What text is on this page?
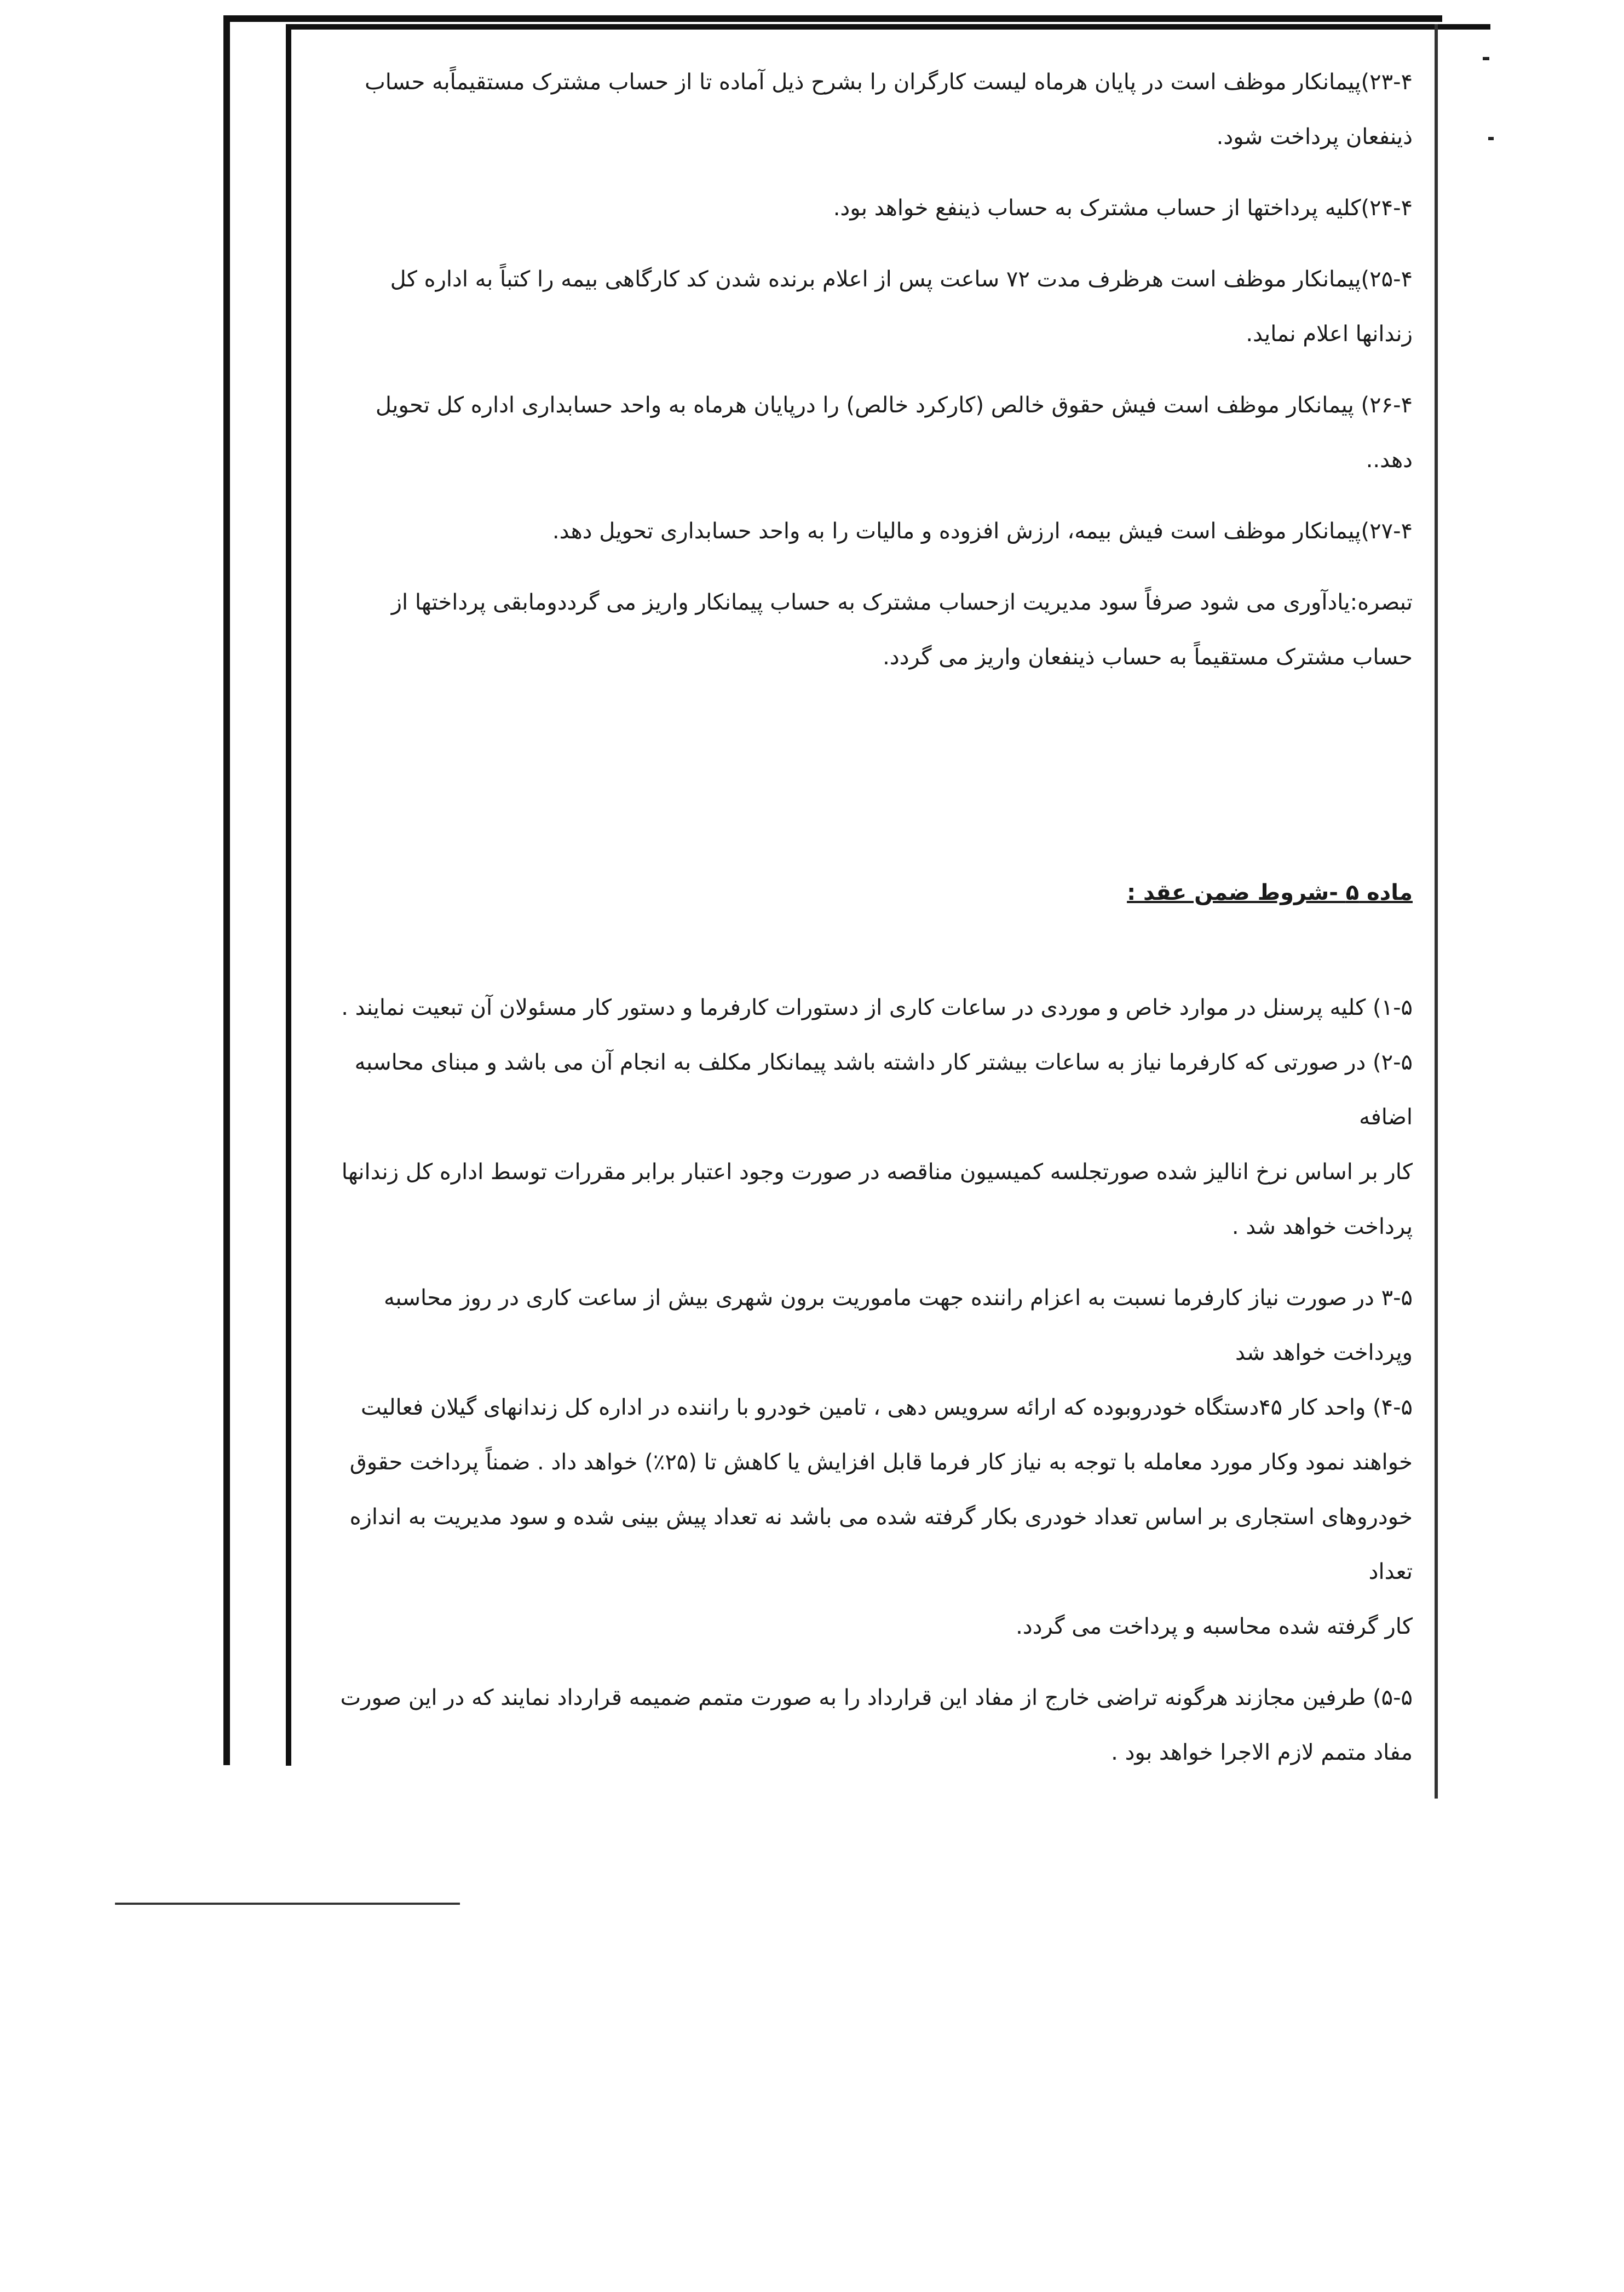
۲۳-۴)پیمانکار موظف است در پایان هرماه لیست کارگران را بشرح ذیل آماده تا از حساب مشترک مستقیماًبه حساب

ذینفعان پرداخت شود.

۲۴-۴)کلیه پرداختها از حساب مشترک به حساب ذینفع خواهد بود.

۲۵-۴)پیمانکار موظف است هرظرف مدت ۷۲ ساعت پس از اعلام برنده شدن کد کارگاهی بیمه را کتباً به اداره کل

زندانها اعلام نماید.

۲۶-۴) پیمانکار موظف است فیش حقوق خالص (کارکرد خالص) را درپایان هرماه به واحد حسابداری اداره کل تحویل

دهد..

۲۷-۴)پیمانکار موظف است فیش بیمه، ارزش افزوده و مالیات را به واحد حسابداری تحویل دهد.

تبصره:یادآوری می شود صرفاً سود مدیریت ازحساب مشترک به حساب پیمانکار واریز می گرددومابقی پرداختها از

حساب مشترک مستقیماً به حساب ذینفعان واریز می گردد.

ماده ۵ -شروط ضمن عقد :

۱-۵) کلیه پرسنل در موارد خاص و موردی در ساعات کاری از دستورات کارفرما و دستور کار مسئولان آن تبعیت نمایند .

۲-۵) در صورتی که کارفرما نیاز به ساعات بیشتر کار داشته باشد پیمانکار مکلف به انجام آن می باشد و مبنای محاسبه اضافه

کار بر اساس نرخ انالیز شده صورتجلسه کمیسیون مناقصه در صورت وجود اعتبار برابر مقررات توسط اداره کل زندانها

پرداخت خواهد شد .

۳-۵ در صورت نیاز کارفرما نسبت به اعزام راننده جهت ماموریت برون شهری بیش از ساعت کاری در روز محاسبه

وپرداخت خواهد شد

۴-۵) واحد کار ۴۵دستگاه خودروبوده که ارائه سرویس دهی ، تامین خودرو با راننده در اداره کل زندانهای گیلان فعالیت

خواهند نمود وکار مورد معامله با توجه به نیاز کار فرما قابل افزایش یا کاهش تا (۲۵٪) خواهد داد . ضمناً پرداخت حقوق

خودروهای استجاری بر اساس تعداد خودری بکار گرفته شده می باشد نه تعداد پیش بینی شده و سود مدیریت به اندازه تعداد

کار گرفته شده محاسبه و پرداخت می گردد.

۵-۵) طرفین مجازند هرگونه تراضی خارج از مفاد این قرارداد را به صورت متمم ضمیمه قرارداد نمایند که در این صورت

مفاد متمم لازم الاجرا خواهد بود .
